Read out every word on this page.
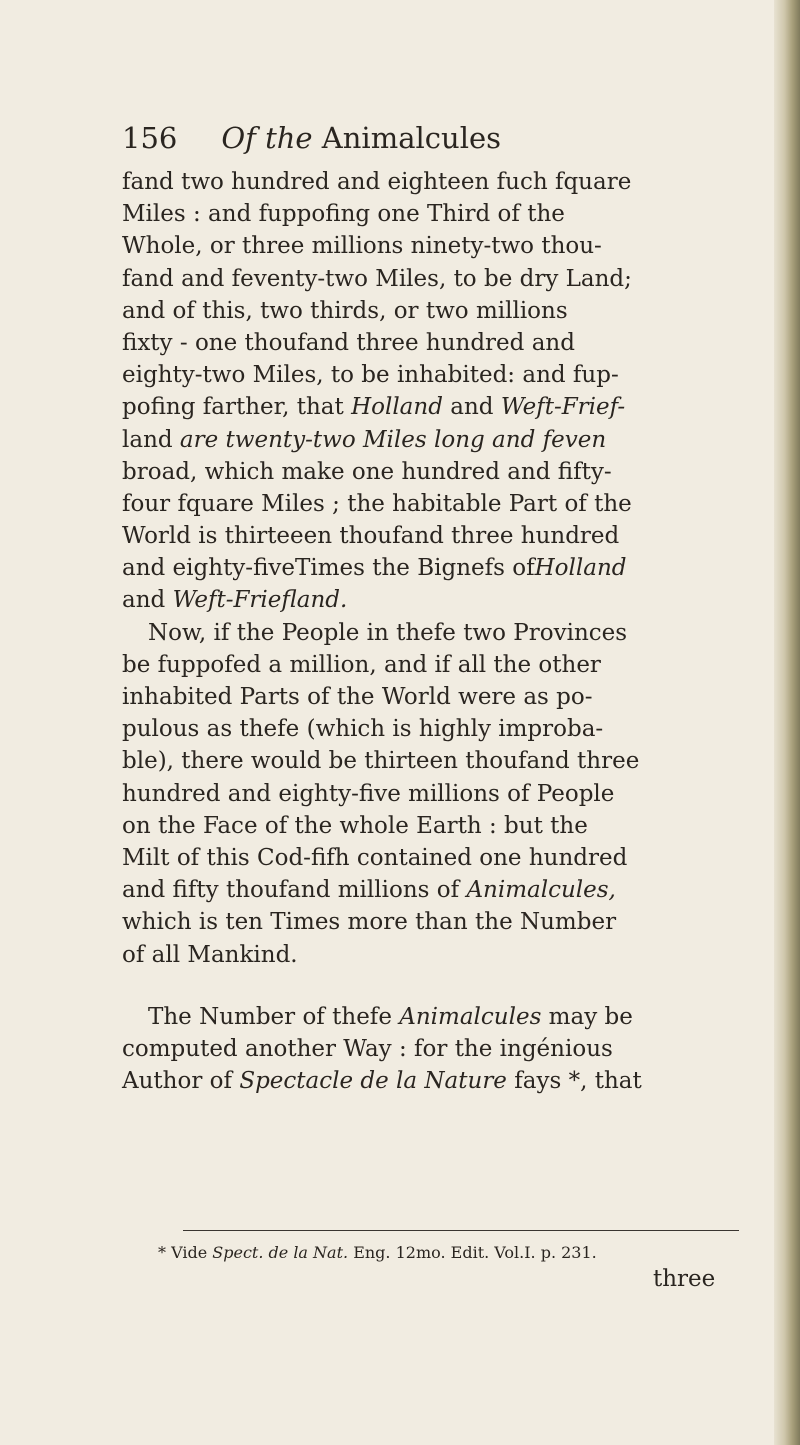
156 Of the Animalcules
fand two hundred and eighteen fuch fquare
Miles : and fuppofing one Third of the
Whole, or three millions ninety-two thou-
fand and feventy-two Miles, to be dry Land;
and of this, two thirds, or two millions
fixty - one thoufand three hundred and
eighty-two Miles, to be inhabited: and fup-
pofing farther, that Holland and Weft-Frief-
land are twenty-two Miles long and feven
broad, which make one hundred and fifty-
four fquare Miles ; the habitable Part of the
World is thirteeen thoufand three hundred
and eighty-fiveTimes the Bignefs ofHolland
and Weft-Friefland.
Now, if the People in thefe two Provinces
be fuppofed a million, and if all the other
inhabited Parts of the World were as po-
pulous as thefe (which is highly improba-
ble), there would be thirteen thoufand three
hundred and eighty-five millions of People
on the Face of the whole Earth : but the
Milt of this Cod-fifh contained one hundred
and fifty thoufand millions of Animalcules,
which is ten Times more than the Number
of all Mankind.
The Number of thefe Animalcules may be
computed another Way : for the ingénious
Author of Spectacle de la Nature fays *, that
* Vide Spect. de la Nat. Eng. 12mo. Edit. Vol.I. p. 231.
three
